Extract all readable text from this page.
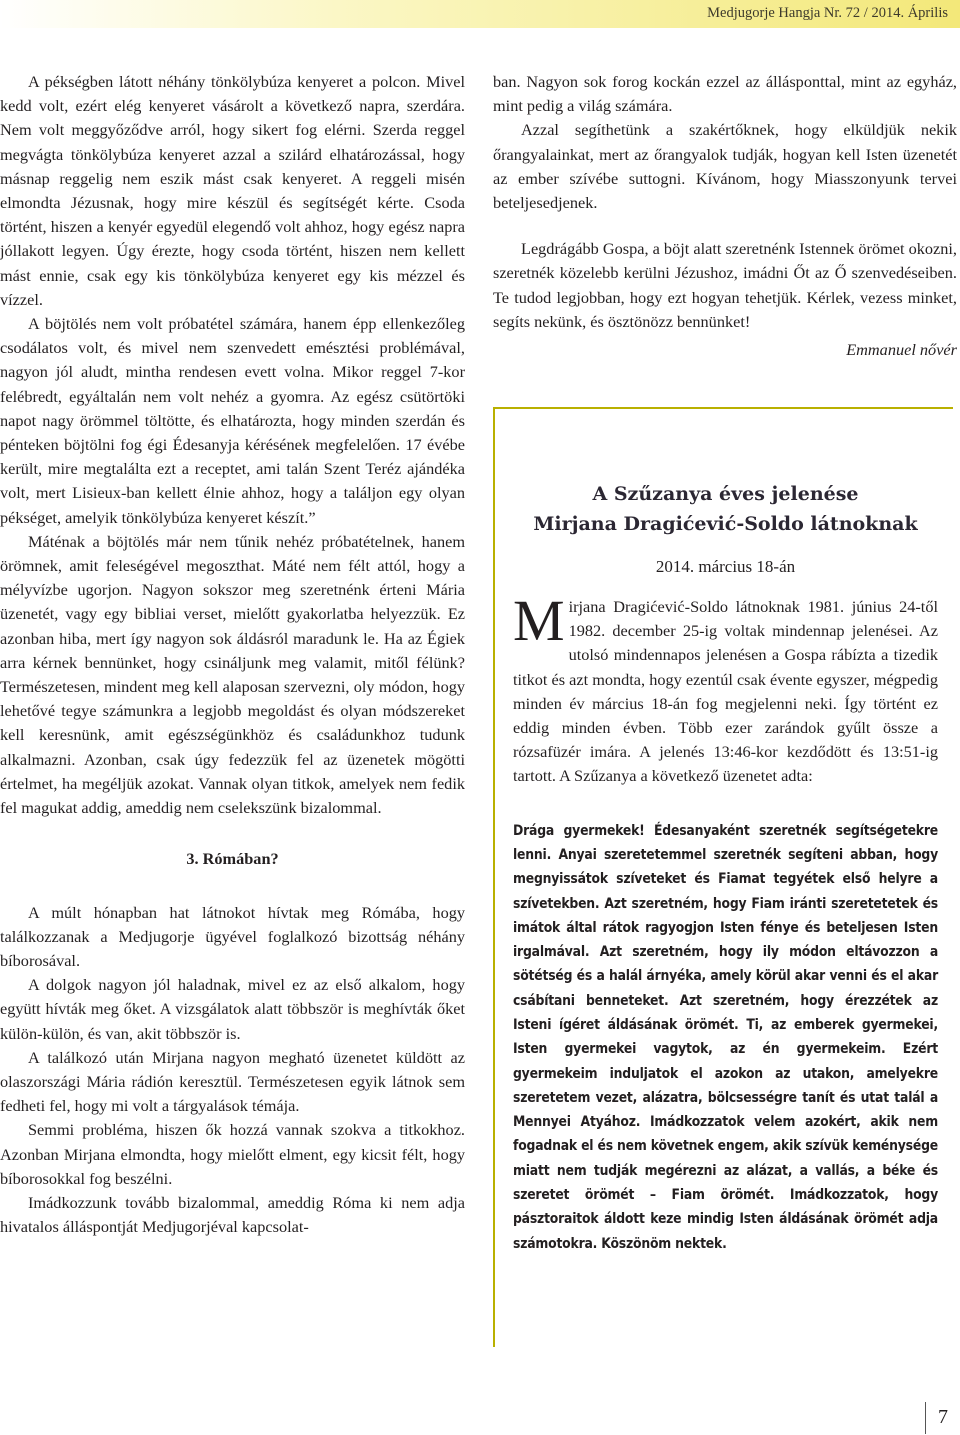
Medjugorje Hangja Nr. 72 / 2014. Április

A pékségben látott néhány tönkölybúza kenyeret a polcon. Mivel kedd volt, ezért elég kenyeret vásárolt a következő napra, szerdára. Nem volt meggyőződve arról, hogy sikert fog elérni. Szerda reggel megvágta tönkölybúza kenyeret azzal a szilárd elhatározással, hogy másnap reggelig nem eszik mást csak kenyeret. A reggeli misén elmondta Jézusnak, hogy mire készül és segítségét kérte. Csoda történt, hiszen a kenyér egyedül elegendő volt ahhoz, hogy egész napra jóllakott legyen. Úgy érezte, hogy csoda történt, hiszen nem kellett mást ennie, csak egy kis tönkölybúza kenyeret egy kis mézzel és vízzel.

A böjtölés nem volt próbatétel számára, hanem épp ellenkezőleg csodálatos volt, és mivel nem szenvedett emésztési problémával, nagyon jól aludt, mintha rendesen evett volna. Mikor reggel 7-kor felébredt, egyáltalán nem volt nehéz a gyomra. Az egész csütörtöki napot nagy örömmel töltötte, és elhatározta, hogy minden szerdán és pénteken böjtölni fog égi Édesanyja kérésének megfelelően. 17 évébe került, mire megtalálta ezt a receptet, ami talán Szent Teréz ajándéka volt, mert Lisieux-ban kellett élnie ahhoz, hogy a találjon egy olyan pékséget, amelyik tönkölybúza kenyeret készít.”

Máténak a böjtölés már nem tűnik nehéz próbatételnek, hanem örömnek, amit feleségével megoszthat. Máté nem félt attól, hogy a mélyvízbe ugorjon. Nagyon sokszor meg szeretnénk érteni Mária üzenetét, vagy egy bibliai verset, mielőtt gyakorlatba helyezzük. Ez azonban hiba, mert így nagyon sok áldásról maradunk le. Ha az Égiek arra kérnek bennünket, hogy csináljunk meg valamit, mitől félünk? Természetesen, mindent meg kell alaposan szervezni, oly módon, hogy lehetővé tegye számunkra a legjobb megoldást és olyan módszereket kell keresnünk, amit egészségünkhöz és családunkhoz tudunk alkalmazni. Azonban, csak úgy fedezzük fel az üzenetek mögötti értelmet, ha megéljük azokat. Vannak olyan titkok, amelyek nem fedik fel magukat addig, ameddig nem cselekszünk bizalommal.

3. Rómában?

A múlt hónapban hat látnokot hívtak meg Rómába, hogy találkozzanak a Medjugorje ügyével foglalkozó bizottság néhány bíborosával.

A dolgok nagyon jól haladnak, mivel ez az első alkalom, hogy együtt hívták meg őket. A vizsgálatok alatt többször is meghívták őket külön-külön, és van, akit többször is.

A találkozó után Mirjana nagyon megható üzenetet küldött az olaszországi Mária rádión keresztül. Természetesen egyik látnok sem fedheti fel, hogy mi volt a tárgyalások témája.

Semmi probléma, hiszen ők hozzá vannak szokva a titkokhoz. Azonban Mirjana elmondta, hogy mielőtt elment, egy kicsit félt, hogy bíborosokkal fog beszélni.

Imádkozzunk tovább bizalommal, ameddig Róma ki nem adja hivatalos álláspontját Medjugorjéval kapcsolat-

ban. Nagyon sok forog kockán ezzel az állásponttal, mint az egyház, mint pedig a világ számára.

Azzal segíthetünk a szakértőknek, hogy elküldjük nekik őrangyalainkat, mert az őrangyalok tudják, hogyan kell Isten üzenetét az ember szívébe suttogni. Kívánom, hogy Miasszonyunk tervei beteljesedjenek.

Legdrágább Gospa, a böjt alatt szeretnénk Istennek örömet okozni, szeretnék közelebb kerülni Jézushoz, imádni Őt az Ő szenvedéseiben. Te tudod legjobban, hogy ezt hogyan tehetjük. Kérlek, vezess minket, segíts nekünk, és ösztönözz bennünket!

Emmanuel nővér

A Szűzanya éves jelenése
Mirjana Dragićević-Soldo látnoknak
2014. március 18-án
Mirjana Dragićević-Soldo látnoknak 1981. június 24-től 1982. december 25-ig voltak mindennap jelenései. Az utolsó mindennapos jelenésen a Gospa rábízta a tizedik titkot és azt mondta, hogy ezentúl csak évente egyszer, mégpedig minden év március 18-án fog megjelenni neki. Így történt ez eddig minden évben. Több ezer zarándok gyűlt össze a rózsafüzér imára. A jelenés 13:46-kor kezdődött és 13:51-ig tartott. A Szűzanya a következő üzenetet adta:
Drága gyermekek! Édesanyaként szeretnék segítségetekre lenni. Anyai szeretetemmel szeretnék segíteni abban, hogy megnyissátok szíveteket és Fiamat tegyétek első helyre a szívetekben. Azt szeretném, hogy Fiam iránti szeretetetek és imátok által rátok ragyogjon Isten fénye és beteljesen Isten irgalmával. Azt szeretném, hogy ily módon eltávozzon a sötétség és a halál árnyéka, amely körül akar venni és el akar csábítani benneteket. Azt szeretném, hogy érezzétek az Isteni ígéret áldásának örömét. Ti, az emberek gyermekei, Isten gyermekei vagytok, az én gyermekeim. Ezért gyermekeim induljatok el azokon az utakon, amelyekre szeretetem vezet, alázatra, bölcsességre tanít és utat talál a Mennyei Atyához. Imádkozzatok velem azokért, akik nem fogadnak el és nem követnek engem, akik szívük keménysége miatt nem tudják megérezni az alázat, a vallás, a béke és szeretet örömét – Fiam örömét. Imádkozzatok, hogy pásztoraitok áldott keze mindig Isten áldásának örömét adja számotokra. Köszönöm nektek.
7
